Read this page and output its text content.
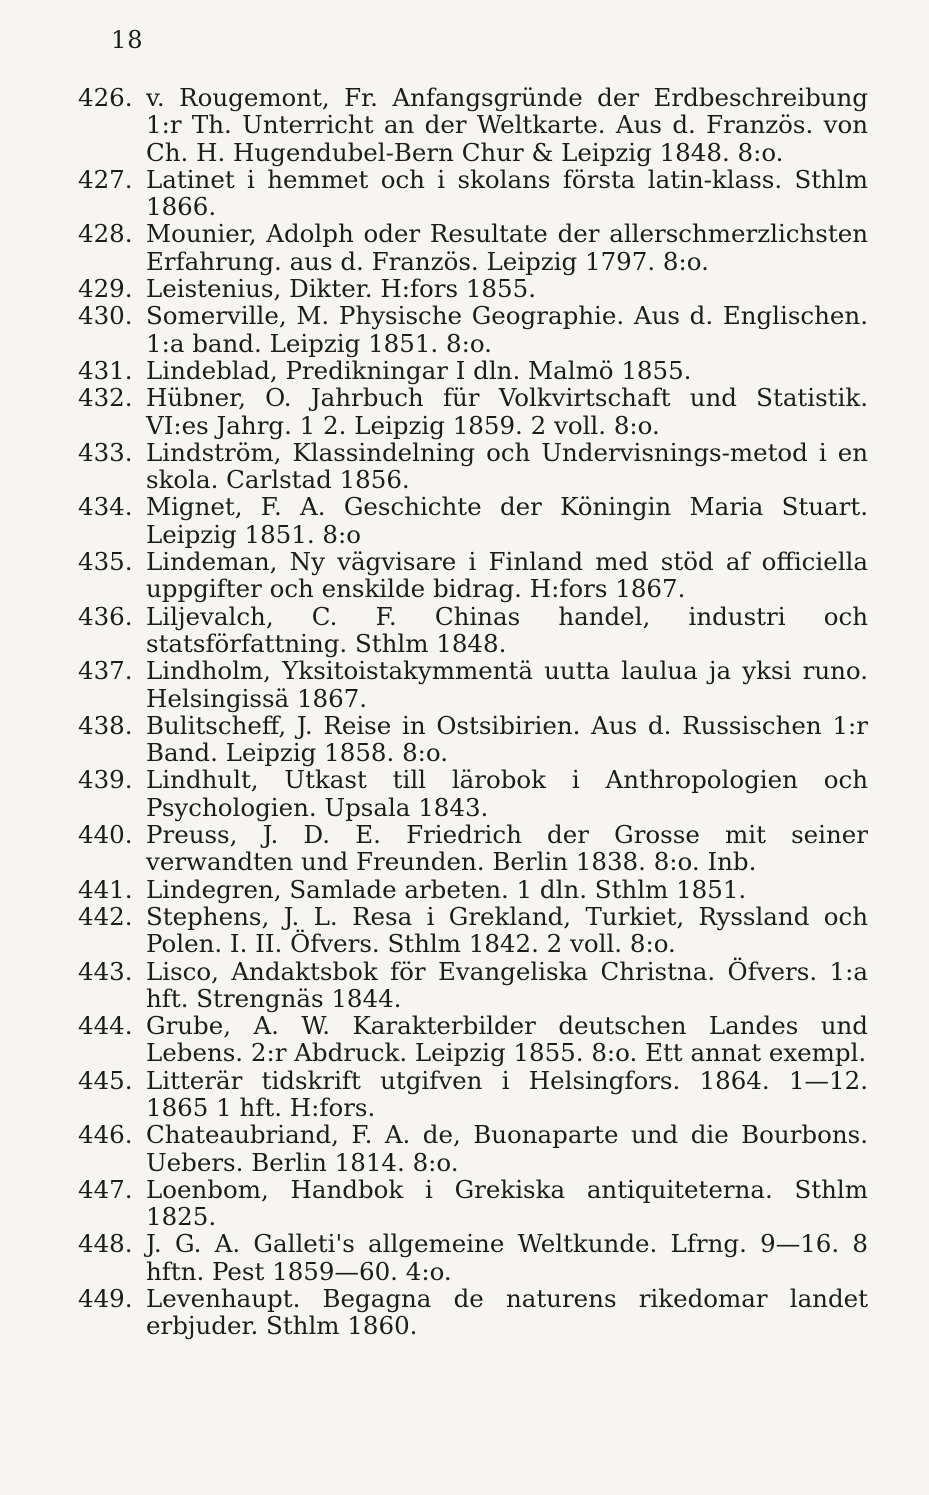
18
426. v. Rougemont, Fr. Anfangsgründe der Erdbeschreibung 1:r Th. Unterricht an der Weltkarte. Aus d. Französ. von Ch. H. Hugendubel-Bern Chur & Leipzig 1848. 8:o.
427. Latinet i hemmet och i skolans första latin-klass. Sthlm 1866.
428. Mounier, Adolph oder Resultate der allerschmerzlichsten Erfahrung. aus d. Französ. Leipzig 1797. 8:o.
429. Leistenius, Dikter. H:fors 1855.
430. Somerville, M. Physische Geographie. Aus d. Englischen. 1:a band. Leipzig 1851. 8:o.
431. Lindeblad, Predikningar I dln. Malmö 1855.
432. Hübner, O. Jahrbuch für Volkvirtschaft und Statistik. VI:es Jahrg. 1 2. Leipzig 1859. 2 voll. 8:o.
433. Lindström, Klassindelning och Undervisnings-metod i en skola. Carlstad 1856.
434. Mignet, F. A. Geschichte der Köningin Maria Stuart. Leipzig 1851. 8:o
435. Lindeman, Ny vägvisare i Finland med stöd af officiella uppgifter och enskilde bidrag. H:fors 1867.
436. Liljevalch, C. F. Chinas handel, industri och statsförfattning. Sthlm 1848.
437. Lindholm, Yksitoistakymmentä uutta laulua ja yksi runo. Helsingissä 1867.
438. Bulitscheff, J. Reise in Ostsibirien. Aus d. Russischen 1:r Band. Leipzig 1858. 8:o.
439. Lindhult, Utkast till lärobok i Anthropologien och Psychologien. Upsala 1843.
440. Preuss, J. D. E. Friedrich der Grosse mit seiner verwandten und Freunden. Berlin 1838. 8:o. Inb.
441. Lindegren, Samlade arbeten. 1 dln. Sthlm 1851.
442. Stephens, J. L. Resa i Grekland, Turkiet, Ryssland och Polen. I. II. Öfvers. Sthlm 1842. 2 voll. 8:o.
443. Lisco, Andaktsbok för Evangeliska Christna. Öfvers. 1:a hft. Strengnäs 1844.
444. Grube, A. W. Karakterbilder deutschen Landes und Lebens. 2:r Abdruck. Leipzig 1855. 8:o. Ett annat exempl.
445. Litterär tidskrift utgifven i Helsingfors. 1864. 1—12. 1865 1 hft. H:fors.
446. Chateaubriand, F. A. de, Buonaparte und die Bourbons. Uebers. Berlin 1814. 8:o.
447. Loenbom, Handbok i Grekiska antiquiteterna. Sthlm 1825.
448. J. G. A. Galleti's allgemeine Weltkunde. Lfrng. 9—16. 8 hftn. Pest 1859—60. 4:o.
449. Levenhaupt. Begagna de naturens rikedomar landet erbjuder. Sthlm 1860.
